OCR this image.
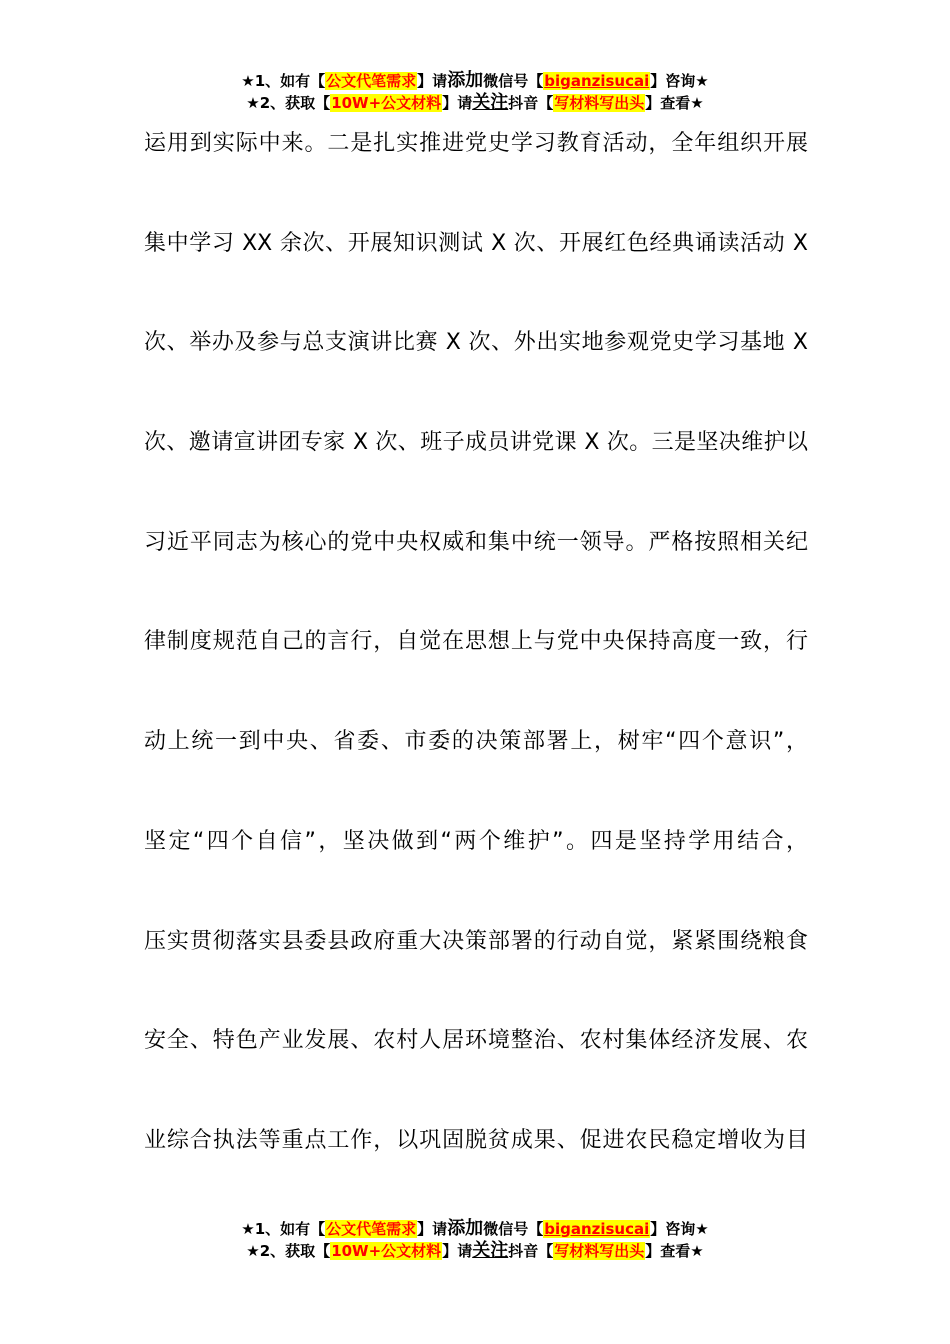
★1、如有【公文代笔需求】请添加微信号【biganzisucai】咨询★
★2、获取【10W+公文材料】请关注抖音【写材料写出头】查看★
运用到实际中来。二是扎实推进党史学习教育活动，全年组织开展
集中学习 XX 余次、开展知识测试 X 次、开展红色经典诵读活动 X
次、举办及参与总支演讲比赛 X 次、外出实地参观党史学习基地 X
次、邀请宣讲团专家 X 次、班子成员讲党课 X 次。三是坚决维护以
习近平同志为核心的党中央权威和集中统一领导。严格按照相关纪
律制度规范自己的言行，自觉在思想上与党中央保持高度一致，行
动上统一到中央、省委、市委的决策部署上，树牢“四个意识”，
坚定“四个自信”，坚决做到“两个维护”。四是坚持学用结合，
压实贯彻落实县委县政府重大决策部署的行动自觉，紧紧围绕粮食
安全、特色产业发展、农村人居环境整治、农村集体经济发展、农
业综合执法等重点工作，以巩固脱贫成果、促进农民稳定增收为目
★1、如有【公文代笔需求】请添加微信号【biganzisucai】咨询★
★2、获取【10W+公文材料】请关注抖音【写材料写出头】查看★
